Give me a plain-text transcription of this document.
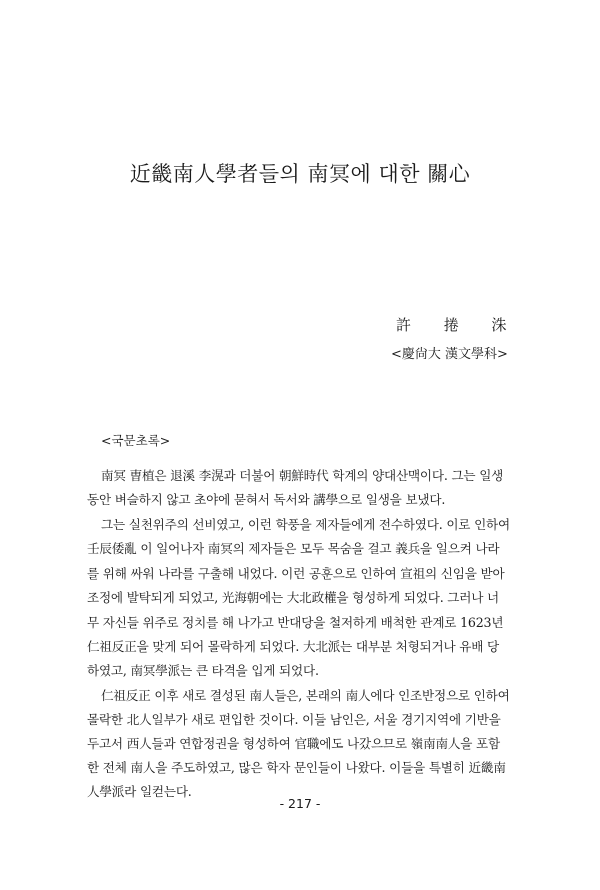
近畿南人學者들의 南冥에 대한 關心
許 捲 洙
<慶尙大 漢文學科>
<국문초록>
南冥 曺植은 退溪 李滉과 더불어 朝鮮時代 학계의 양대산맥이다. 그는 일생
동안 벼슬하지 않고 초야에 묻혀서 독서와 講學으로 일생을 보냈다.
그는 실천위주의 선비였고, 이런 학풍을 제자들에게 전수하였다. 이로 인하여
壬辰倭亂 이 일어나자 南冥의 제자들은 모두 목숨을 걸고 義兵을 일으켜 나라
를 위해 싸워 나라를 구출해 내었다. 이런 공훈으로 인하여 宣祖의 신임을 받아
조정에 발탁되게 되었고, 光海朝에는 大北政權을 형성하게 되었다. 그러나 너
무 자신들 위주로 정치를 해 나가고 반대당을 철저하게 배척한 관계로 1623년
仁祖反正을 맞게 되어 몰락하게 되었다. 大北派는 대부분 처형되거나 유배 당
하였고, 南冥學派는 큰 타격을 입게 되었다.
仁祖反正 이후 새로 결성된 南人들은, 본래의 南人에다 인조반정으로 인하여
몰락한 北人일부가 새로 편입한 것이다. 이들 남인은, 서울 경기지역에 기반을
두고서 西人들과 연합정권을 형성하여 官職에도 나갔으므로 嶺南南人을 포함
한 전체 南人을 주도하였고, 많은 학자 문인들이 나왔다. 이들을 특별히 近畿南
人學派라 일컫는다.
- 217 -
